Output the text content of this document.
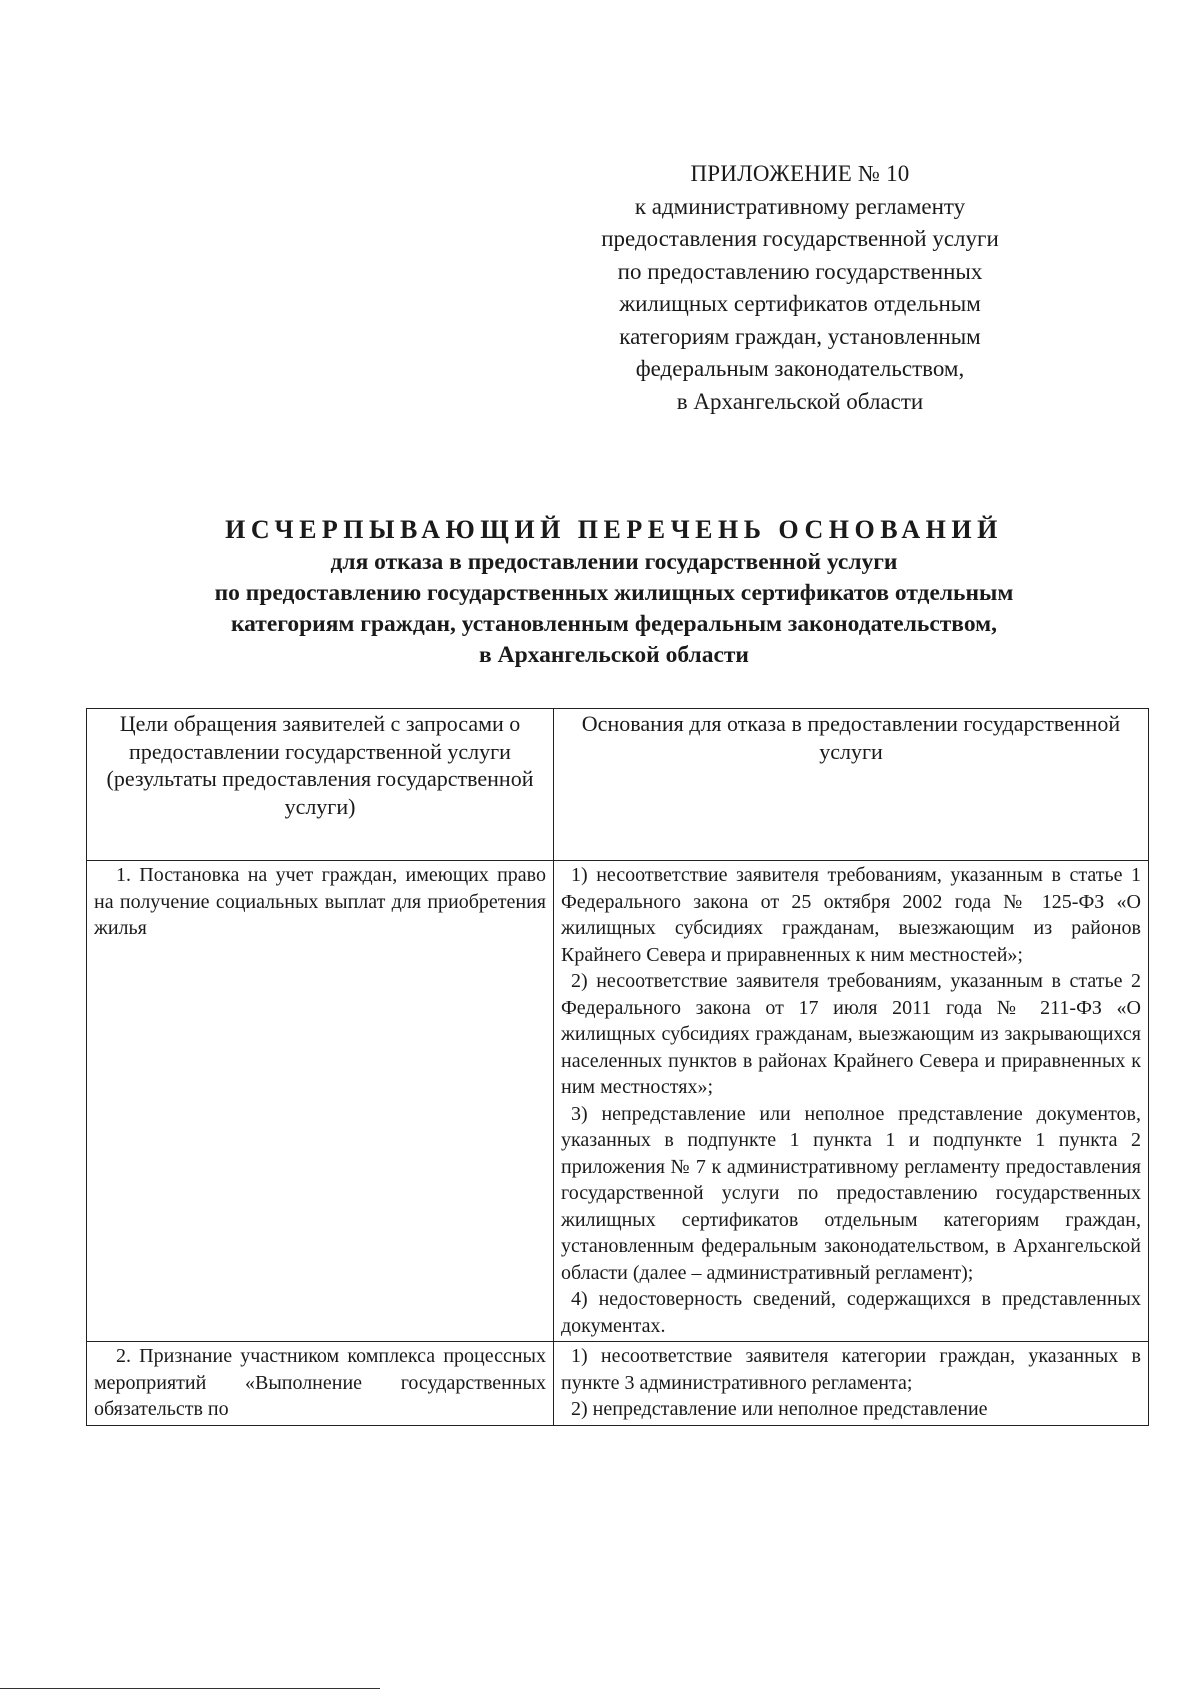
ПРИЛОЖЕНИЕ № 10
к административному регламенту
предоставления государственной услуги
по предоставлению государственных
жилищных сертификатов отдельным
категориям граждан, установленным
федеральным законодательством,
в Архангельской области
ИСЧЕРПЫВАЮЩИЙ ПЕРЕЧЕНЬ ОСНОВАНИЙ
для отказа в предоставлении государственной услуги
по предоставлению государственных жилищных сертификатов отдельным
категориям граждан, установленным федеральным законодательством,
в Архангельской области
Цели обращения заявителей с запросами о предоставлении государственной услуги (результаты предоставления государственной услуги)	Основания для отказа в предоставлении государственной услуги
1. Постановка на учет граждан, имеющих право на получение социальных выплат для приобретения жилья	1) несоответствие заявителя требованиям, указанным в статье 1 Федерального закона от 25 октября 2002 года № 125-ФЗ «О жилищных субсидиях гражданам, выезжающим из районов Крайнего Севера и приравненных к ним местностей»;

2) несоответствие заявителя требованиям, указанным в статье 2 Федерального закона от 17 июля 2011 года № 211-ФЗ «О жилищных субсидиях гражданам, выезжающим из закрывающихся населенных пунктов в районах Крайнего Севера и приравненных к ним местностях»;

3) непредставление или неполное представление документов, указанных в подпункте 1 пункта 1 и подпункте 1 пункта 2 приложения № 7 к административному регламенту предоставления государственной услуги по предоставлению государственных жилищных сертификатов отдельным категориям граждан, установленным федеральным законодательством, в Архангельской области (далее – административный регламент);

4) недостоверность сведений, содержащихся в представленных документах.

2. Признание участником комплекса процессных мероприятий «Выполнение государственных обязательств по	1) несоответствие заявителя категории граждан, указанных в пункте 3 административного регламента;

2) непредставление или неполное представление
